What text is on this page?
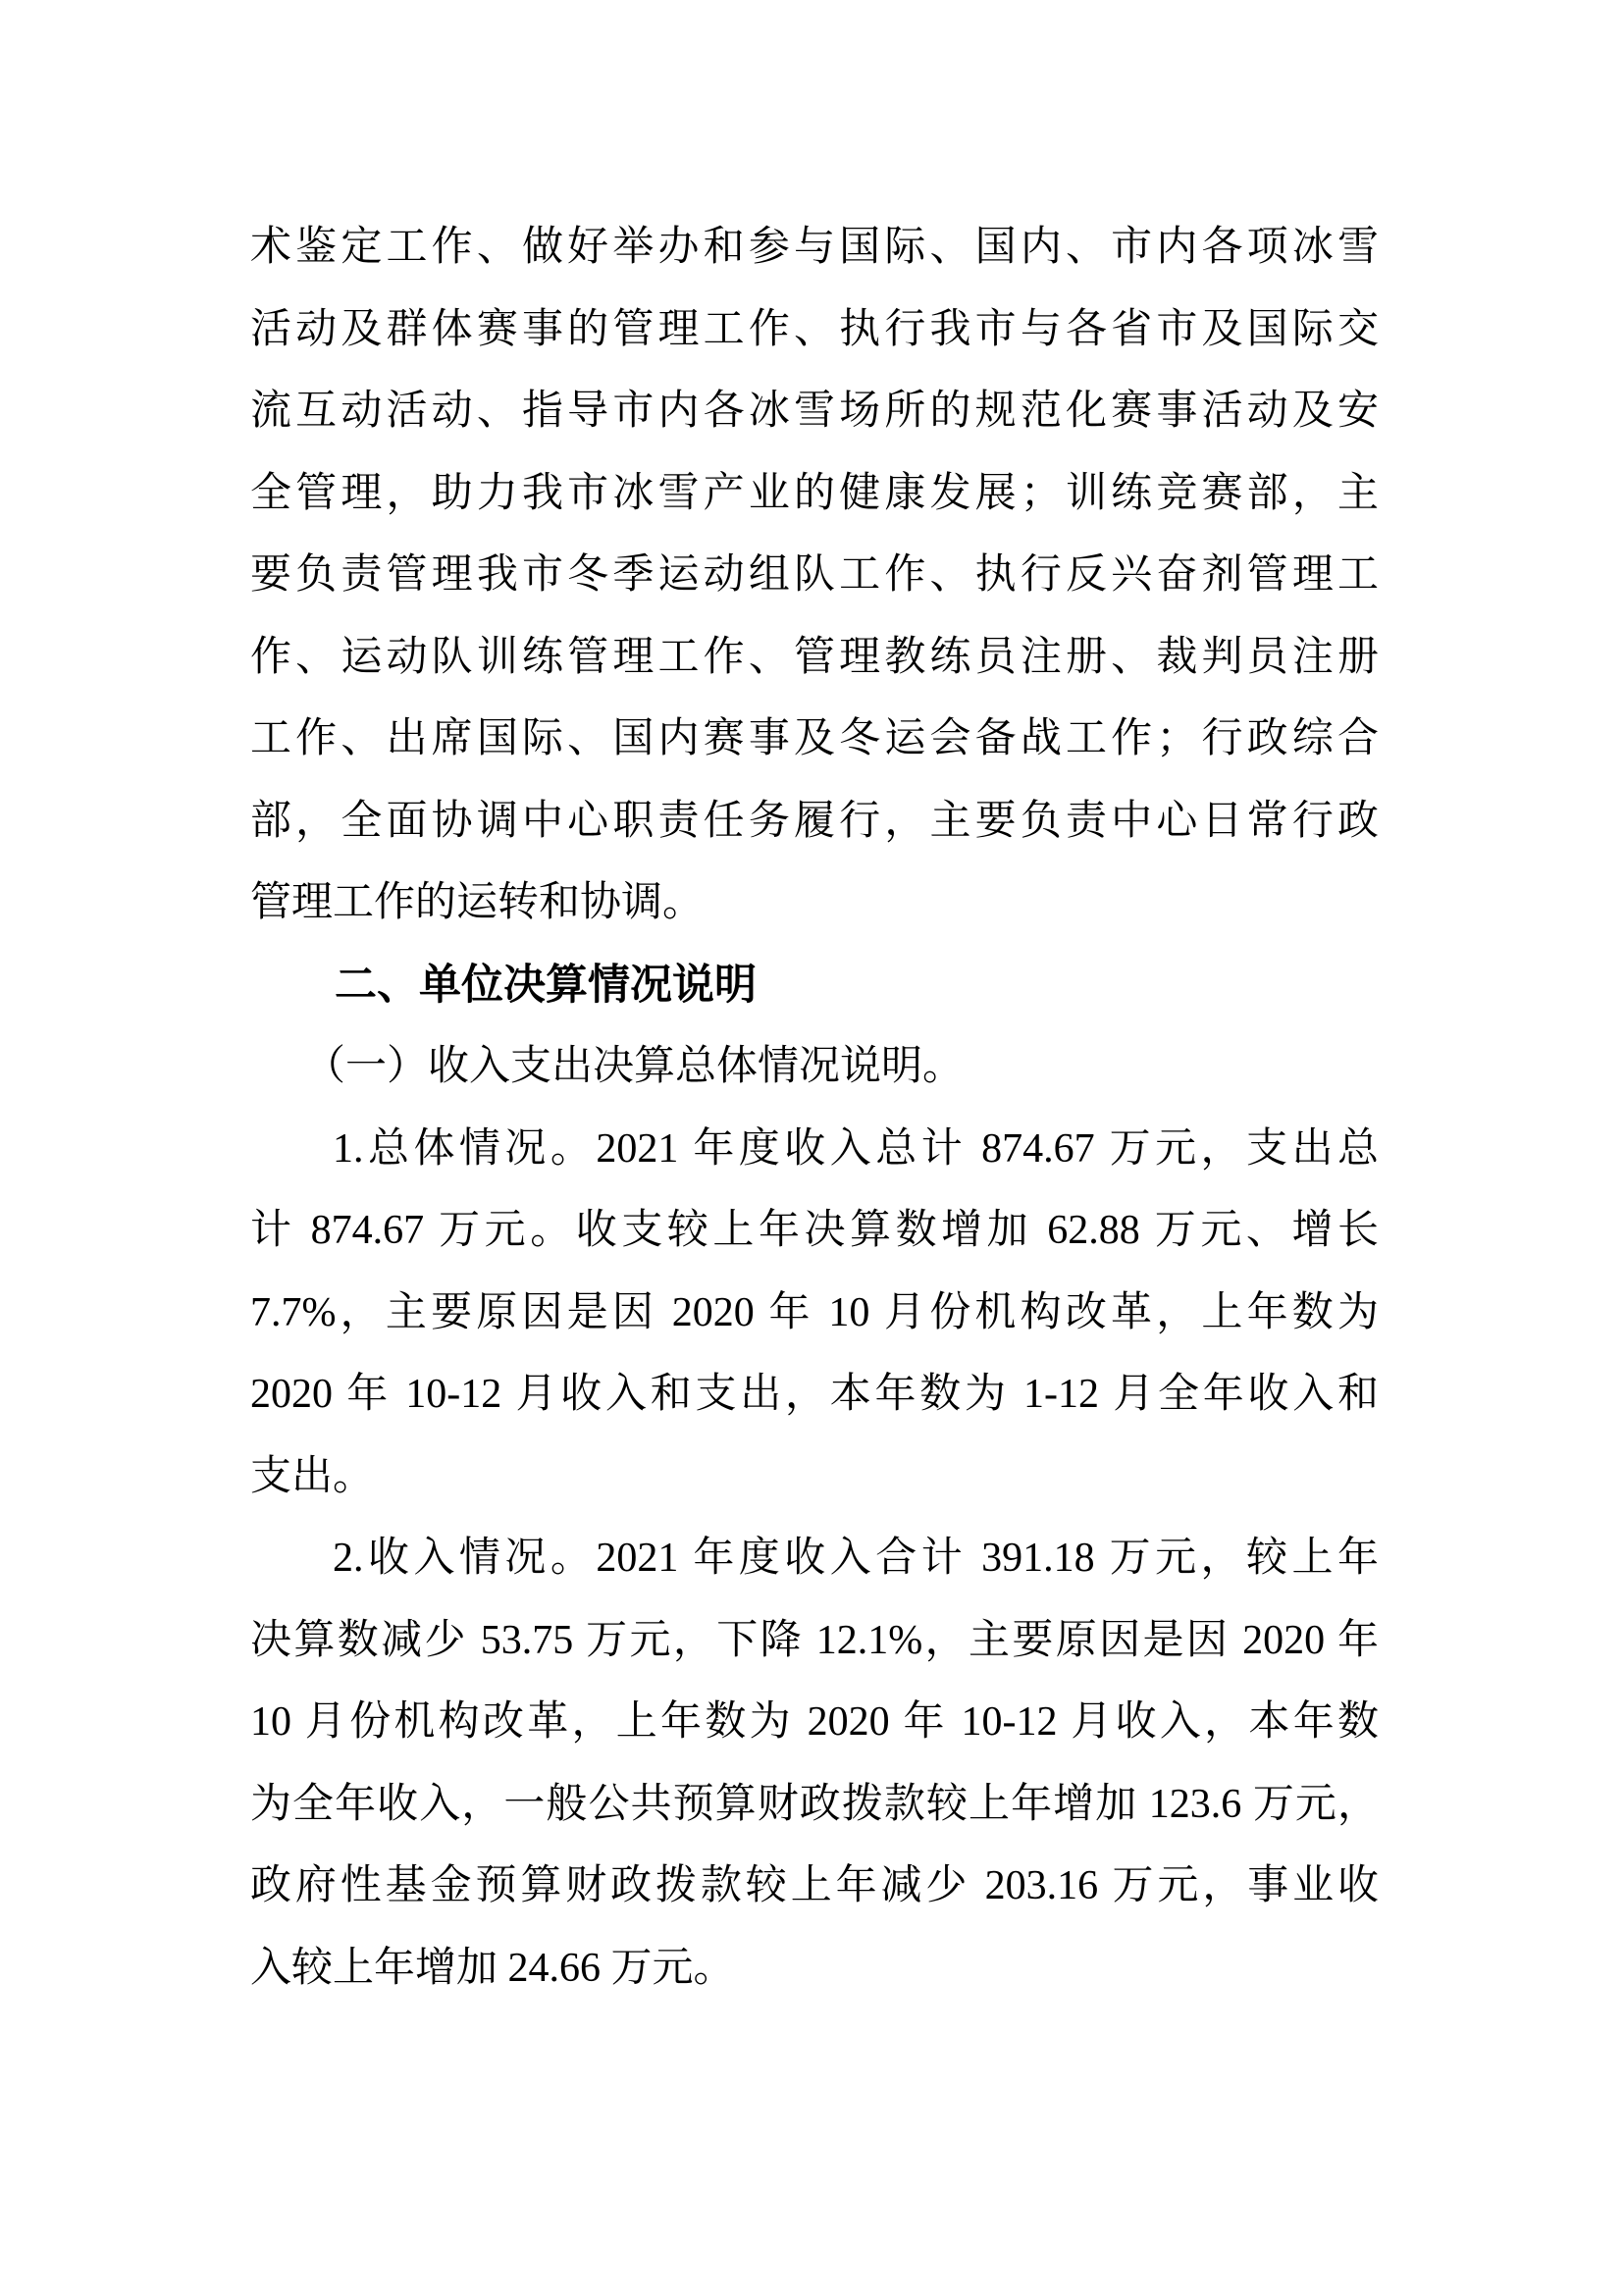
术鉴定工作、做好举办和参与国际、国内、市内各项冰雪
活动及群体赛事的管理工作、执行我市与各省市及国际交
流互动活动、指导市内各冰雪场所的规范化赛事活动及安
全管理，助力我市冰雪产业的健康发展；训练竞赛部，主
要负责管理我市冬季运动组队工作、执行反兴奋剂管理工
作、运动队训练管理工作、管理教练员注册、裁判员注册
工作、出席国际、国内赛事及冬运会备战工作；行政综合
部，全面协调中心职责任务履行，主要负责中心日常行政
管理工作的运转和协调。
二、单位决算情况说明
（一）收入支出决算总体情况说明。
1.总体情况。2021 年度收入总计 874.67 万元，支出总
计 874.67 万元。收支较上年决算数增加 62.88 万元、增长
7.7%，主要原因是因 2020 年 10 月份机构改革，上年数为
2020 年 10-12 月收入和支出，本年数为 1-12 月全年收入和
支出。
2.收入情况。2021 年度收入合计 391.18 万元，较上年
决算数减少 53.75 万元，下降 12.1%，主要原因是因 2020 年
10 月份机构改革，上年数为 2020 年 10-12 月收入，本年数
为全年收入，一般公共预算财政拨款较上年增加 123.6 万元，
政府性基金预算财政拨款较上年减少 203.16 万元，事业收
入较上年增加 24.66 万元。
